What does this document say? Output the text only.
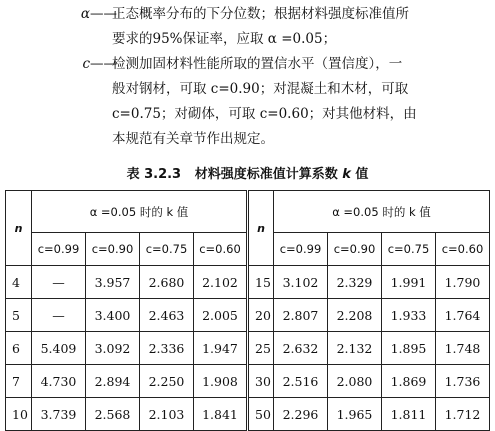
α ——
正态概率分布的下分位数；根据材料强度标准值所
要求的95%保证率，应取 α =0.05；
c ——
检测加固材料性能所取的置信水平（置信度），一
般对钢材，可取 c=0.90；对混凝土和木材，可取
c=0.75；对砌体，可取 c=0.60；对其他材料，由
本规范有关章节作出规定。
表 3.2.3 材料强度标准值计算系数 k 值
n	α =0.05 时的 k 值				n	α =0.05 时的 k 值			
	c=0.99	c=0.90	c=0.75	c=0.60		c=0.99	c=0.90	c=0.75	c=0.60
4	—	3.957	2.680	2.102	15	3.102	2.329	1.991	1.790
5	—	3.400	2.463	2.005	20	2.807	2.208	1.933	1.764
6	5.409	3.092	2.336	1.947	25	2.632	2.132	1.895	1.748
7	4.730	2.894	2.250	1.908	30	2.516	2.080	1.869	1.736
10	3.739	2.568	2.103	1.841	50	2.296	1.965	1.811	1.712
